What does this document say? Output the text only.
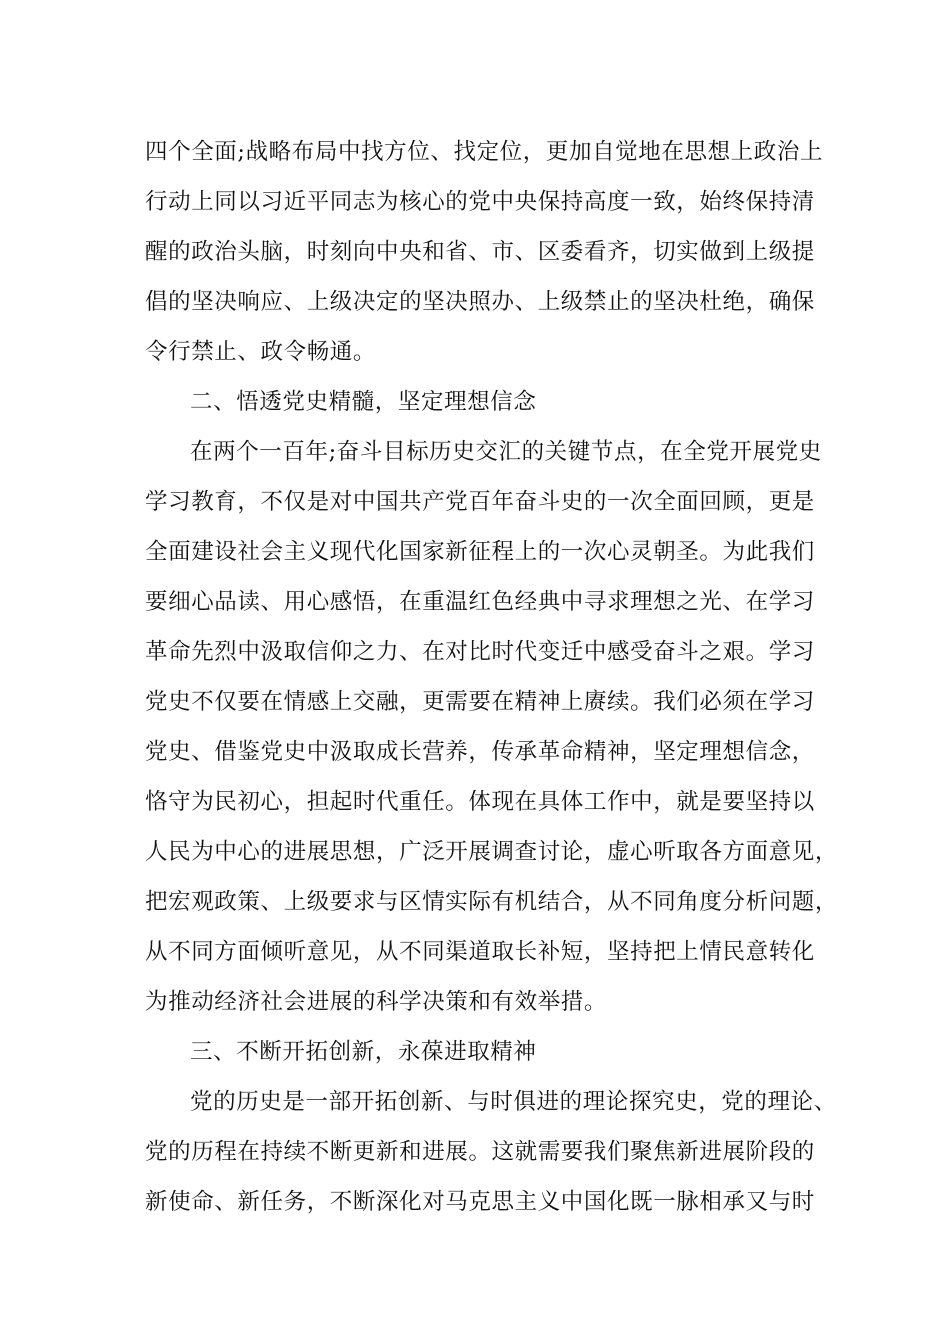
四个全面;战略布局中找方位、找定位，更加自觉地在思想上政治上
行动上同以习近平同志为核心的党中央保持高度一致，始终保持清
醒的政治头脑，时刻向中央和省、市、区委看齐，切实做到上级提
倡的坚决响应、上级决定的坚决照办、上级禁止的坚决杜绝，确保
令行禁止、政令畅通。
二、悟透党史精髓，坚定理想信念
在两个一百年;奋斗目标历史交汇的关键节点，在全党开展党史
学习教育，不仅是对中国共产党百年奋斗史的一次全面回顾，更是
全面建设社会主义现代化国家新征程上的一次心灵朝圣。为此我们
要细心品读、用心感悟，在重温红色经典中寻求理想之光、在学习
革命先烈中汲取信仰之力、在对比时代变迁中感受奋斗之艰。学习
党史不仅要在情感上交融，更需要在精神上赓续。我们必须在学习
党史、借鉴党史中汲取成长营养，传承革命精神，坚定理想信念，
恪守为民初心，担起时代重任。体现在具体工作中，就是要坚持以
人民为中心的进展思想，广泛开展调查讨论，虚心听取各方面意见，
把宏观政策、上级要求与区情实际有机结合，从不同角度分析问题，
从不同方面倾听意见，从不同渠道取长补短，坚持把上情民意转化
为推动经济社会进展的科学决策和有效举措。
三、不断开拓创新，永葆进取精神
党的历史是一部开拓创新、与时俱进的理论探究史，党的理论、
党的历程在持续不断更新和进展。这就需要我们聚焦新进展阶段的
新使命、新任务，不断深化对马克思主义中国化既一脉相承又与时
